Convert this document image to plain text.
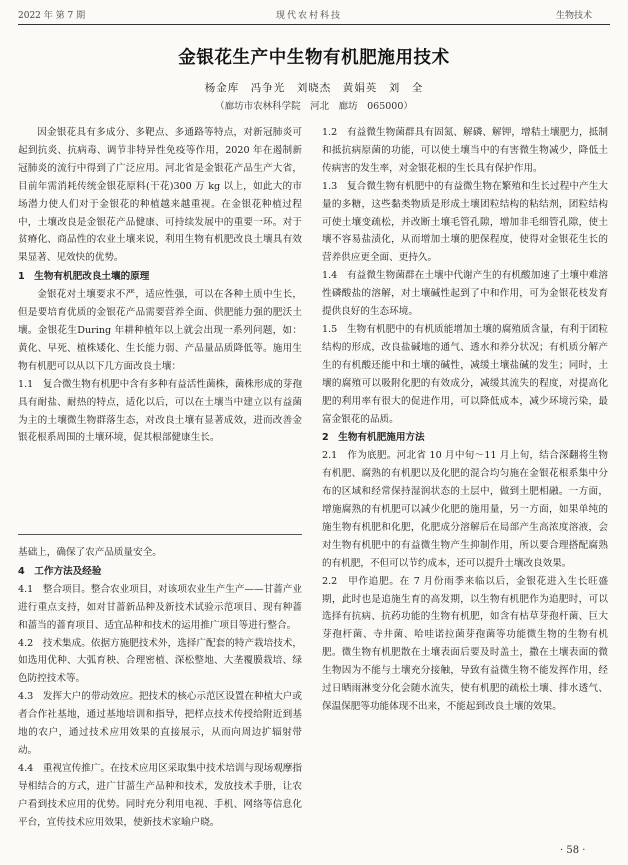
2022 年 第 7 期	现代农村科技	生物技术
金银花生产中生物有机肥施用技术
杨金库　冯争光　刘晓杰　黄娟英　刘　全
（廊坊市农林科学院　河北　廊坊　065000）

因金银花具有多成分、多靶点、多通路等特点，对新冠肺炎可起到抗炎、抗病毒、调节非特异性免疫等作用，2020 年在遏制新冠肺炎的流行中得到了广泛应用。河北省是金银花产品生产大省，目前年需消耗传统金银花原料(干花)300 万 kg 以上，如此大的市场潜力使人们对于金银花的种植越来越重视。在金银花种植过程中，土壤改良是金银花产品健康、可持续发展中的重要一环。对于贫瘠化、商品性的农业土壤来说，利用生物有机肥改良土壤具有效果显著、见效快的优势。

1　生物有机肥改良土壤的原理

金银花对土壤要求不严，适应性强，可以在各种土质中生长，但是要培育优质的金银花产品需要营养全面、供肥能力强的肥沃土壤。金银花生During 年耕种植年以上就会出现一系列问题，如：黄化、早死、植株矮化、生长能力弱、产品量品质降低等。施用生物有机肥可以从以下几方面改良土壤：

1.1　复合微生物有机肥中含有多种有益活性菌株，菌株形成的芽孢具有耐盐、耐热的特点，适化以后，可以在土壤当中建立以有益菌为主的土壤微生物群落生态，对改良土壤有显著成效，进而改善金银花根系周围的土壤环境，促其根部健康生长。

基础上，确保了农产品质量安全。

4　工作方法及经验

4.1　整合项目。整合农业项目，对该项农业生产生产——甘蔷产业进行重点支持，如对甘蔷新品种及新技术试验示范项目、现有种蔷和蔷当的蔷育项目、适宜品种和技术的运用推广项目等进行整合。

4.2　技术集成。依据方施肥技术外，选择广配套的特产栽培技术，如选用优种、大弧育秧、合理密植、深松整地、大垄覆膜栽培、绿色防控技术等。

4.3　发挥大户的带动效应。把技术的核心示范区设置在种植大户或者合作社基地，通过基地培训和指导，把样点技术传授给附近到基地的农户，通过技术应用效果的直接展示，从而向周边扩辐射带动。

4.4　重视宣传推广。在技术应用区采取集中技术培训与现场观摩指导相结合的方式，进广甘蔷生产品种和技术，发放技术手册，让农户看到技术应用的优势。同时充分利用电视、手机、网络等信息化平台，宣传技术应用效果，使新技术家喻户晓。

1.2　有益微生物菌群具有固氮、解磷、解钾，增秸土壤肥力，抵制和抵抗病原菌的功能，可以使土壤当中的有害微生物减少，降低土传病害的发生率，对金银花根的生长具有保护作用。

1.3　复合微生物有机肥中的有益微生物在繁殖和生长过程中产生大量的多糖，这些黏类物质是形成土壤团粒结构的粘结剂，团粒结构可使土壤变疏松，并改断土壤毛管孔隙，增加非毛细管孔隙，使土壤不容易盐渍化，从而增加土壤的肥保程度，使得对金银花生长的营养供应更全面、更持久。

1.4　有益微生物菌群在土壤中代谢产生的有机酸加速了土壤中难溶性磷酸盐的溶解，对土壤碱性起到了中和作用，可为金银花枝发育提供良好的生态环境。

1.5　生物有机肥中的有机质能增加土壤的腐殖质含量，有利于团粒结构的形成，改良盐碱地的通气、透水和养分状况；有机质分解产生的有机酸还能中和土壤的碱性，减缓土壤盐碱的发生；同时，土壤的腐殖可以吸附化肥的有效成分，减缓其流失的程度，对提高化肥的利用率有很大的促进作用，可以降低成本，减少环境污染，最富金银花的品质。

2　生物有机肥施用方法

2.1　作为底肥。河北省 10 月中旬～11 月上旬，结合深翻将生物有机肥、腐熟的有机肥以及化肥的混合均匀施在金银花根系集中分布的区域和经常保持湿润状态的土层中，做到土肥相融。一方面，增施腐熟的有机肥可以减少化肥的施用量，另一方面，如果单纯的施生物有机肥和化肥，化肥成分溶解后在局部产生高浓度溶液，会对生物有机肥中的有益微生物产生抑制作用，所以要合理搭配腐熟的有机肥，不但可以节约成本，还可以提升土壤改良效果。

2.2　甲作追肥。在 7 月份雨季来临以后，金银花进入生长旺盛期，此时也是追施生育的高发期，以生物有机肥作为追肥时，可以选择有抗病、抗药功能的生物有机肥，如含有枯草芽孢杆菌、巨大芽孢杆菌、寺井菌、哈哇诺拉菌芽孢菌等功能微生物的生物有机肥。微生物有机肥散在土壤表面后要及时盖土，撒在土壤表面的微生物因为不能与土壤充分接触，导致有益微生物不能发挥作用，经过日晒雨淋变分化会随水流失，使有机肥的疏松土壤、排水透气、保温保肥等功能体现不出来，不能起到改良土壤的效果。

· 58 ·
